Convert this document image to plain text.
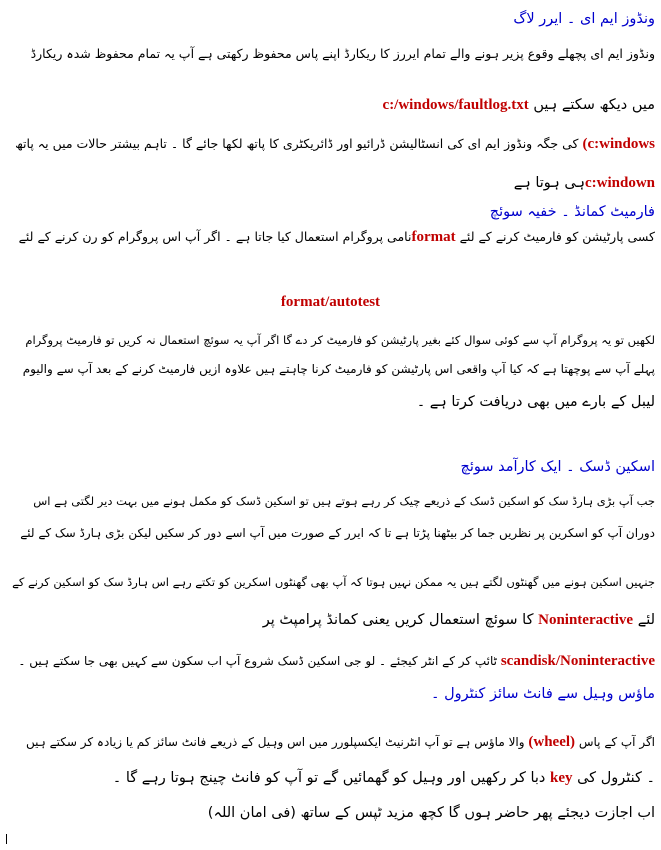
ونڈوز ایم ای ۔ ایرر لاگ
ونڈوز ایم ای پچھلے وقوع پزیر ہونے والے تمام ایررز کا ریکارڈ اپنے پاس محفوظ رکھتی ہے آپ یہ تمام محفوظ شدہ ریکارڈ
میں دیکھ سکتے ہیں c:/windows/faultlog.txt
(c:windows کی جگہ ونڈوز ایم ای کی انسٹالیشن ڈرائیو اور ڈائریکٹری کا پاتھ لکھا جائے گا ۔ تاہم بیشتر حالات میں یہ پاتھ
c:windownہی ہوتا ہے
فارمیٹ کمانڈ ۔ خفیہ سوئچ
کسی پارٹیشن کو فارمیٹ کرنے کے لئے formatنامی پروگرام استعمال کیا جاتا ہے ۔ اگر آپ اس پروگرام کو رن کرنے کے لئے
format/autotest
لکھیں تو یہ پروگرام آپ سے کوئی سوال کئے بغیر پارٹیشن کو فارمیٹ کر دے گا اگر آپ یہ سوئچ استعمال نہ کریں تو فارمیٹ پروگرام
پہلے آپ سے پوچھتا ہے کہ کیا آپ واقعی اس پارٹیشن کو فارمیٹ کرنا چاہتے ہیں علاوہ ازیں فارمیٹ کرنے کے بعد آپ سے والیوم
لیبل کے بارے میں بھی دریافت کرتا ہے ۔
اسکین ڈسک ۔ ایک کارآمد سوئچ
جب آپ بڑی ہارڈ سک کو اسکین ڈسک کے ذریعے چیک کر رہے ہوتے ہیں تو اسکین ڈسک کو مکمل ہونے میں بہت دیر لگتی ہے اس
دوران آپ کو اسکرین پر نظریں جما کر بیٹھنا پڑتا ہے تا کہ ایرر کے صورت میں آپ اسے دور کر سکیں لیکن بڑی ہارڈ سک کے لئے
جنہیں اسکین ہونے میں گھنٹوں لگتے ہیں یہ ممکن نہیں ہوتا کہ آپ بھی گھنٹوں اسکرین کو تکتے رہے اس ہارڈ سک کو اسکین کرنے کے
لئے Noninteractive کا سوئچ استعمال کریں یعنی کمانڈ پرامپٹ پر
scandisk/Noninteractive ٹائپ کر کے انٹر کیجئے ۔ لو جی اسکین ڈسک شروع آپ اب سکون سے کہیں بھی جا سکتے ہیں ۔
ماؤس وہیل سے فانٹ سائز کنٹرول ۔
اگر آپ کے پاس (wheel) والا ماؤس ہے تو آپ انٹرنیٹ ایکسپلورر میں اس وہیل کے ذریعے فانٹ سائز کم یا زیادہ کر سکتے ہیں
۔ کنٹرول کی key دبا کر رکھیں اور وہیل کو گھمائیں گے تو آپ کو فانٹ چینج ہوتا رہے گا ۔
اب اجازت دیجئے پھر حاضر ہوں گا کچھ مزید ٹپس کے ساتھ (فی امان اللہ)
